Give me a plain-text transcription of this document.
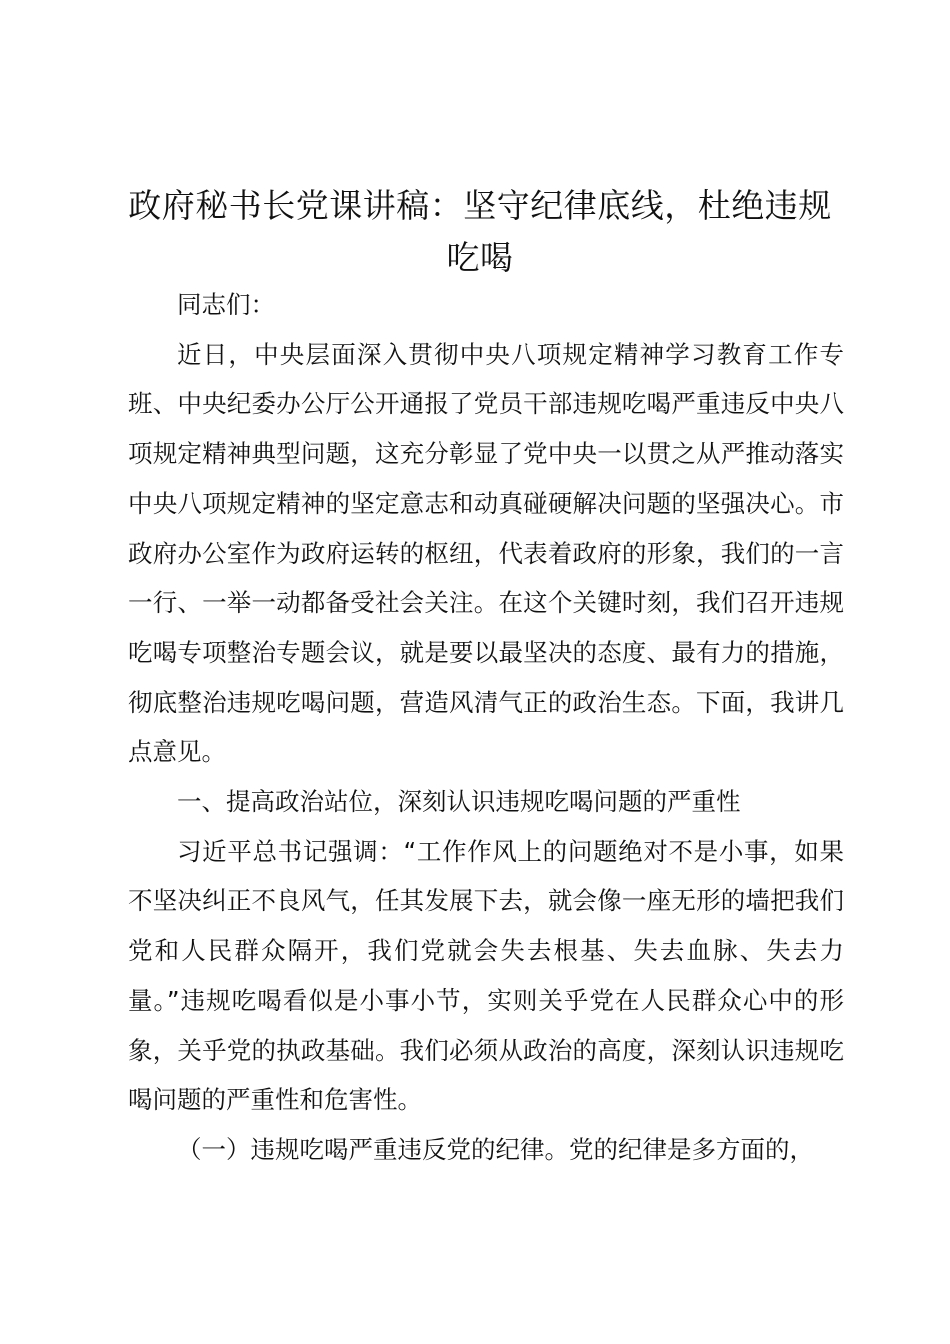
政府秘书长党课讲稿：坚守纪律底线，杜绝违规吃喝

同志们：

近日，中央层面深入贯彻中央八项规定精神学习教育工作专班、中央纪委办公厅公开通报了党员干部违规吃喝严重违反中央八项规定精神典型问题，这充分彰显了党中央一以贯之从严推动落实中央八项规定精神的坚定意志和动真碰硬解决问题的坚强决心。市政府办公室作为政府运转的枢纽，代表着政府的形象，我们的一言一行、一举一动都备受社会关注。在这个关键时刻，我们召开违规吃喝专项整治专题会议，就是要以最坚决的态度、最有力的措施，彻底整治违规吃喝问题，营造风清气正的政治生态。下面，我讲几点意见。

一、提高政治站位，深刻认识违规吃喝问题的严重性

习近平总书记强调：“工作作风上的问题绝对不是小事，如果不坚决纠正不良风气，任其发展下去，就会像一座无形的墙把我们党和人民群众隔开，我们党就会失去根基、失去血脉、失去力量。”违规吃喝看似是小事小节，实则关乎党在人民群众心中的形象，关乎党的执政基础。我们必须从政治的高度，深刻认识违规吃喝问题的严重性和危害性。

（一）违规吃喝严重违反党的纪律。党的纪律是多方面的，
